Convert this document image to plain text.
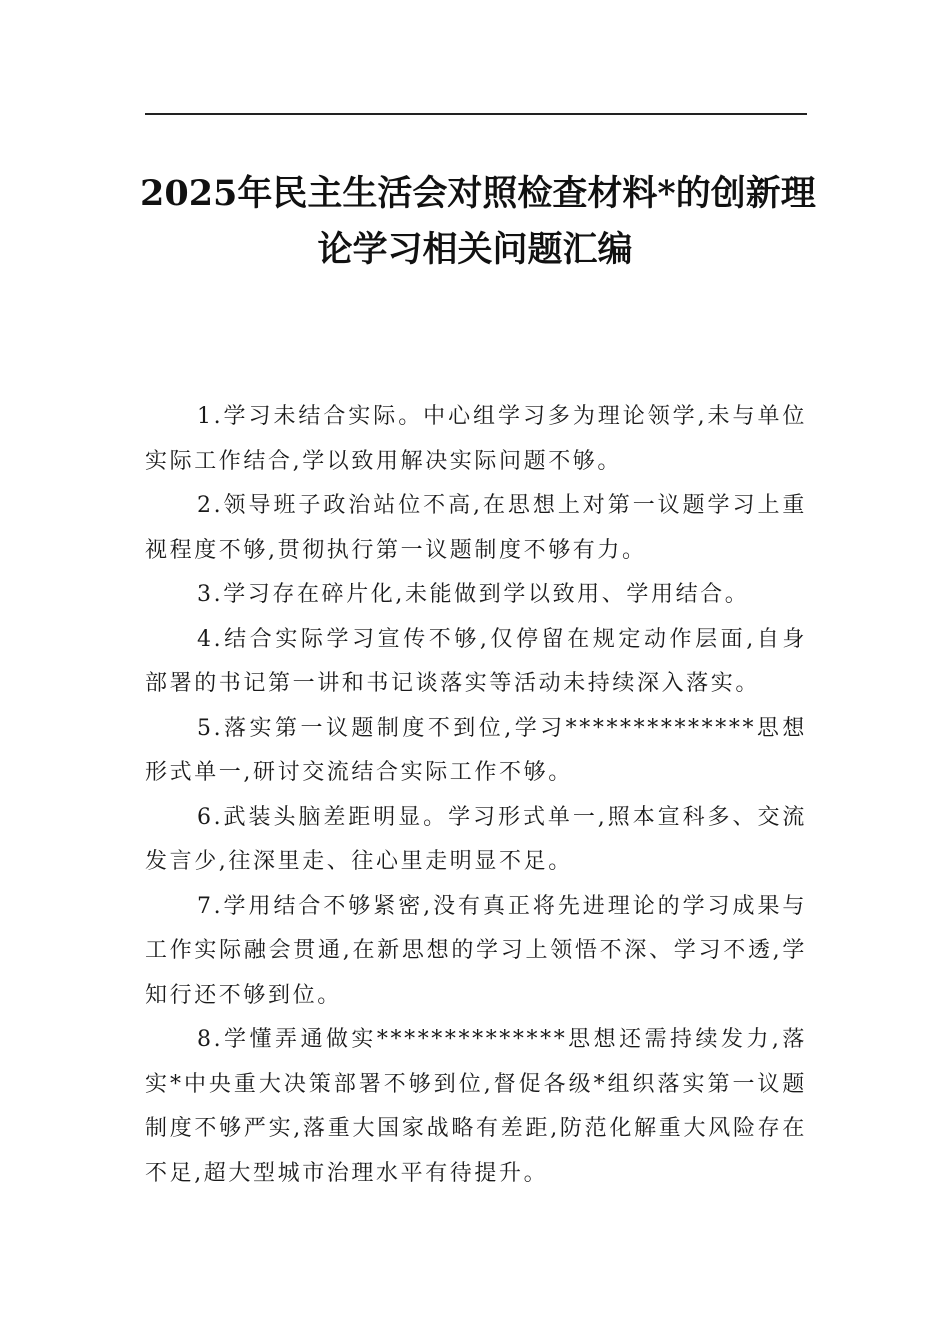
2025年民主生活会对照检查材料*的创新理
论学习相关问题汇编

1.学习未结合实际。中心组学习多为理论领学,未与单位实际工作结合,学以致用解决实际问题不够。

2.领导班子政治站位不高,在思想上对第一议题学习上重视程度不够,贯彻执行第一议题制度不够有力。

3.学习存在碎片化,未能做到学以致用、学用结合。

4.结合实际学习宣传不够,仅停留在规定动作层面,自身部署的书记第一讲和书记谈落实等活动未持续深入落实。

5.落实第一议题制度不到位,学习**************思想形式单一,研讨交流结合实际工作不够。

6.武装头脑差距明显。学习形式单一,照本宣科多、交流发言少,往深里走、往心里走明显不足。

7.学用结合不够紧密,没有真正将先进理论的学习成果与工作实际融会贯通,在新思想的学习上领悟不深、学习不透,学知行还不够到位。

8.学懂弄通做实**************思想还需持续发力,落实*中央重大决策部署不够到位,督促各级*组织落实第一议题制度不够严实,落重大国家战略有差距,防范化解重大风险存在不足,超大型城市治理水平有待提升。
